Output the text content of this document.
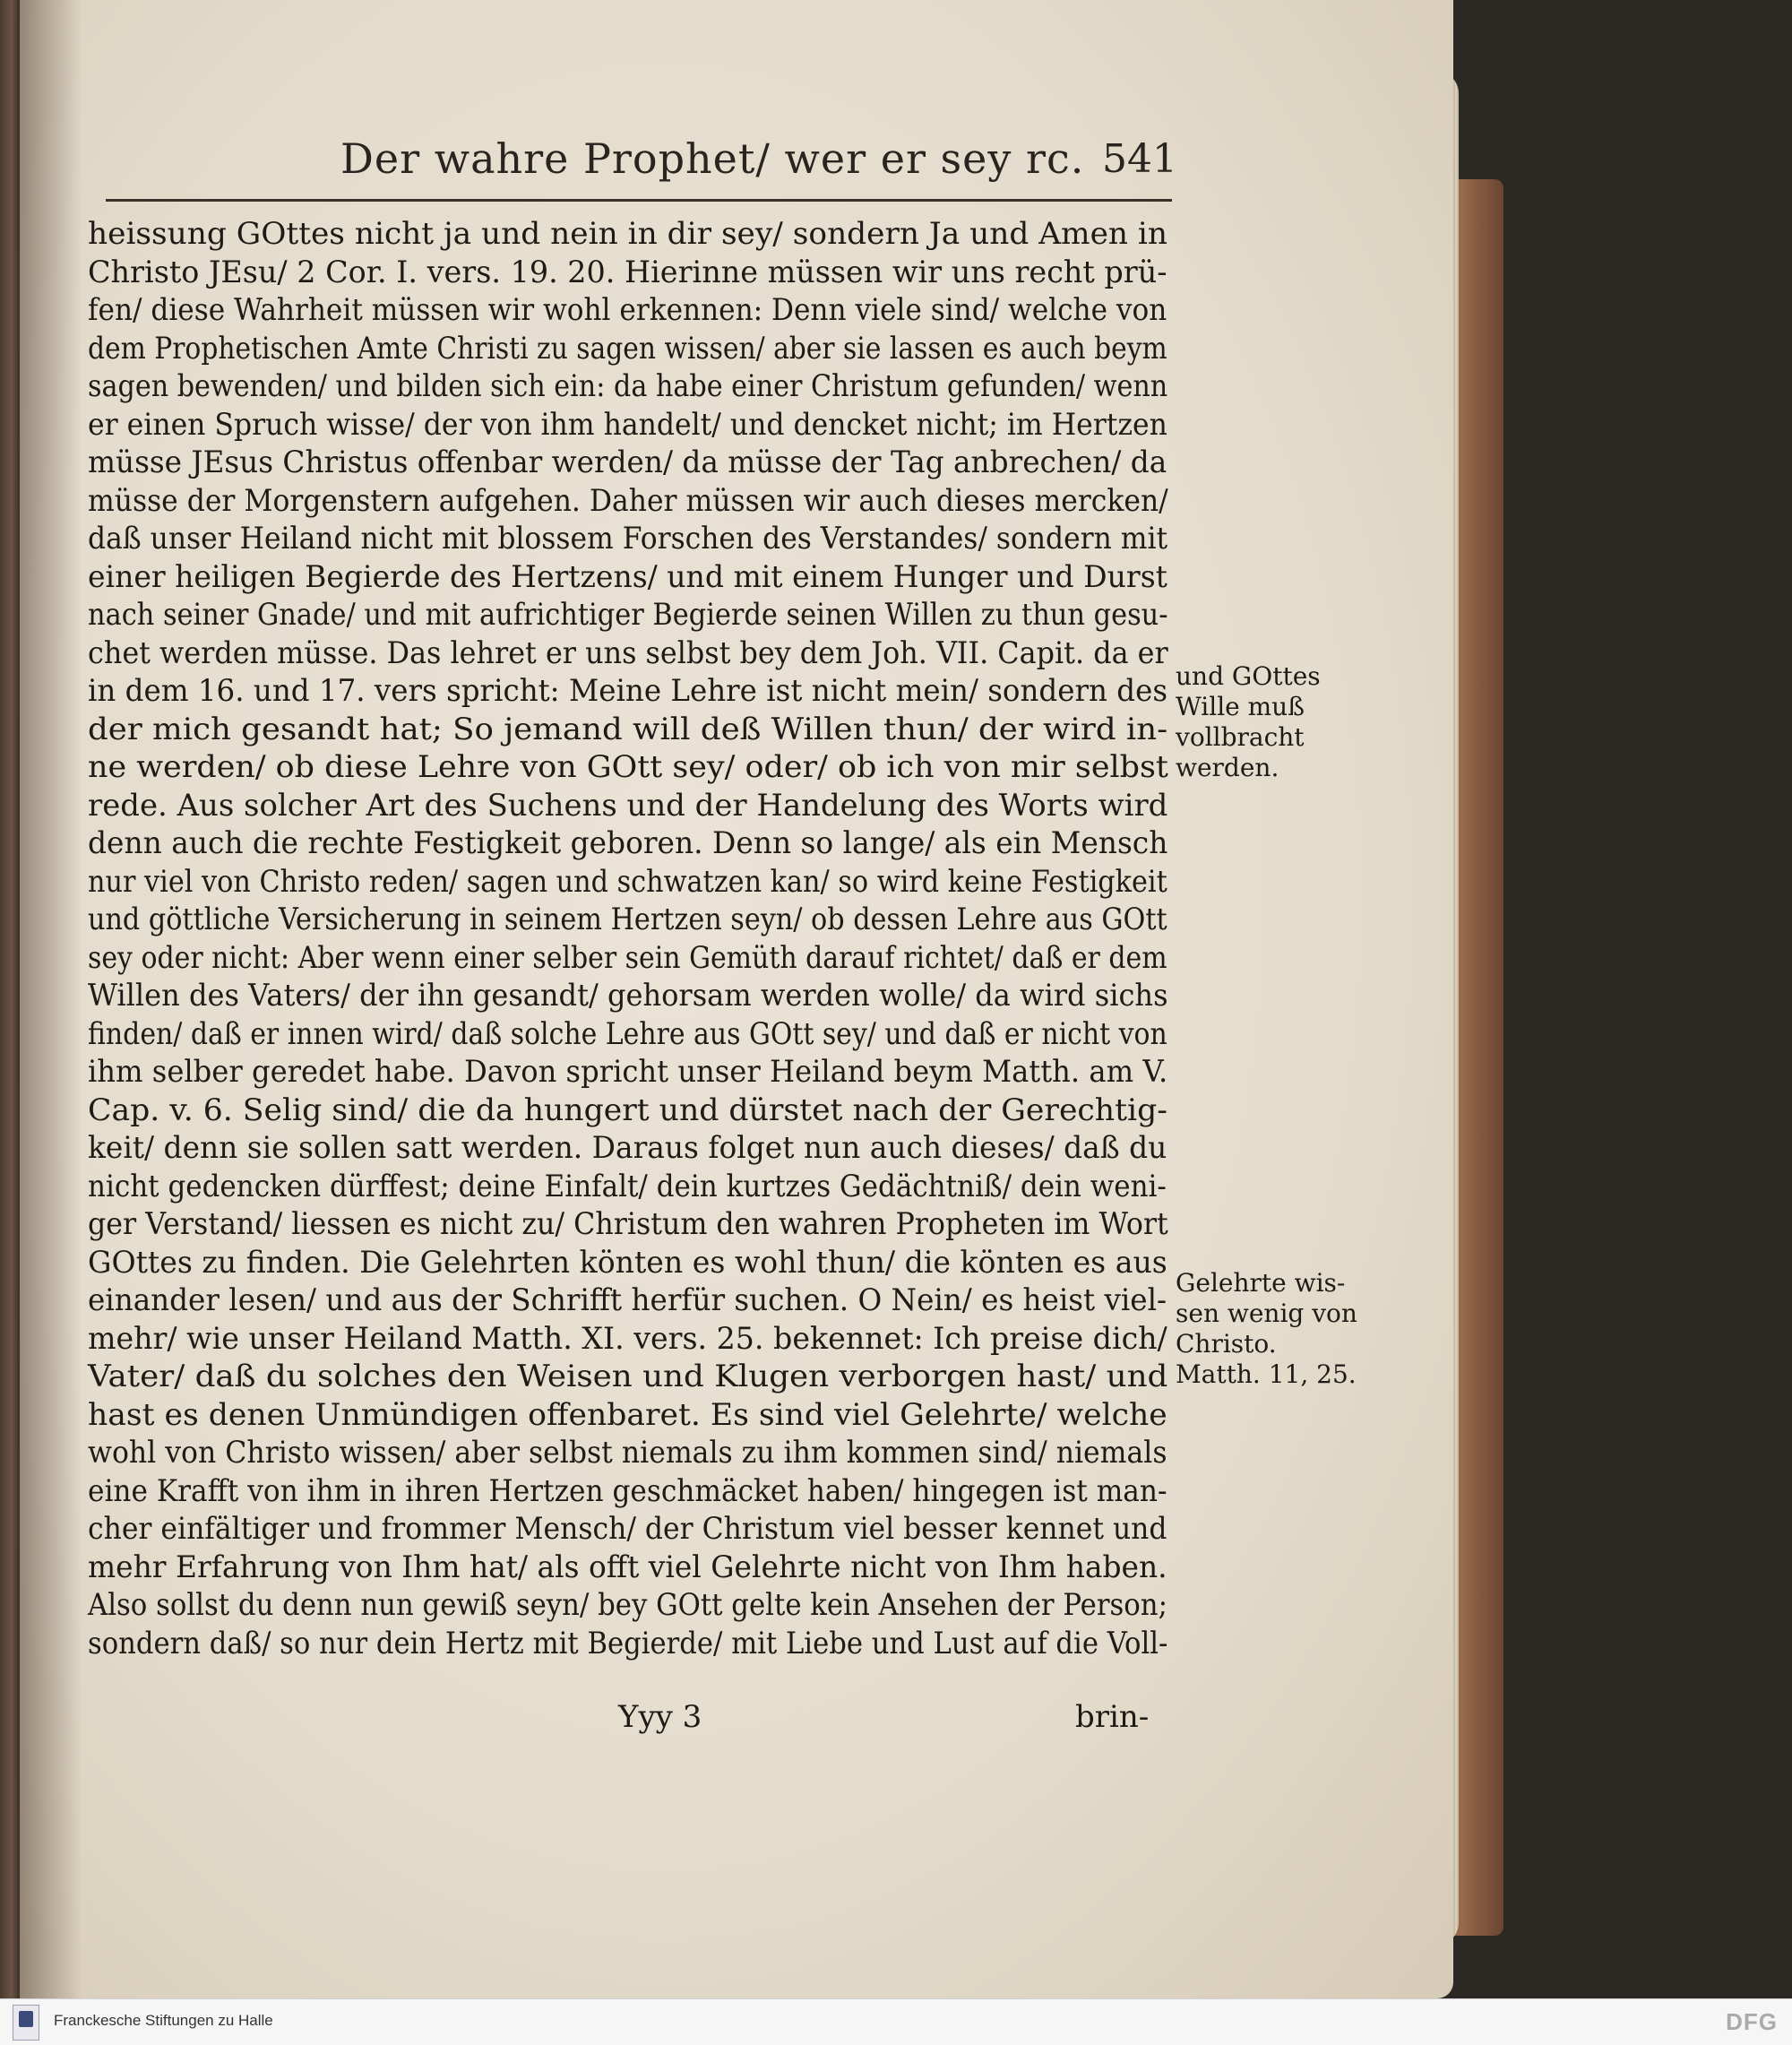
Der wahre Prophet/ wer er sey rc. 541
heissung GOttes nicht ja und nein in dir sey/ sondern Ja und Amen in
Christo JEsu/ 2 Cor. I. vers. 19. 20. Hierinne müssen wir uns recht prü-
fen/ diese Wahrheit müssen wir wohl erkennen: Denn viele sind/ welche von
dem Prophetischen Amte Christi zu sagen wissen/ aber sie lassen es auch beym
sagen bewenden/ und bilden sich ein: da habe einer Christum gefunden/ wenn
er einen Spruch wisse/ der von ihm handelt/ und dencket nicht; im Hertzen
müsse JEsus Christus offenbar werden/ da müsse der Tag anbrechen/ da
müsse der Morgenstern aufgehen. Daher müssen wir auch dieses mercken/
daß unser Heiland nicht mit blossem Forschen des Verstandes/ sondern mit
einer heiligen Begierde des Hertzens/ und mit einem Hunger und Durst
nach seiner Gnade/ und mit aufrichtiger Begierde seinen Willen zu thun gesu-
chet werden müsse. Das lehret er uns selbst bey dem Joh. VII. Capit. da er
in dem 16. und 17. vers spricht: Meine Lehre ist nicht mein/ sondern des
der mich gesandt hat; So jemand will deß Willen thun/ der wird in-
ne werden/ ob diese Lehre von GOtt sey/ oder/ ob ich von mir selbst
rede. Aus solcher Art des Suchens und der Handelung des Worts wird
denn auch die rechte Festigkeit geboren. Denn so lange/ als ein Mensch
nur viel von Christo reden/ sagen und schwatzen kan/ so wird keine Festigkeit
und göttliche Versicherung in seinem Hertzen seyn/ ob dessen Lehre aus GOtt
sey oder nicht: Aber wenn einer selber sein Gemüth darauf richtet/ daß er dem
Willen des Vaters/ der ihn gesandt/ gehorsam werden wolle/ da wird sichs
finden/ daß er innen wird/ daß solche Lehre aus GOtt sey/ und daß er nicht von
ihm selber geredet habe. Davon spricht unser Heiland beym Matth. am V.
Cap. v. 6. Selig sind/ die da hungert und dürstet nach der Gerechtig-
keit/ denn sie sollen satt werden. Daraus folget nun auch dieses/ daß du
nicht gedencken dürffest; deine Einfalt/ dein kurtzes Gedächtniß/ dein weni-
ger Verstand/ liessen es nicht zu/ Christum den wahren Propheten im Wort
GOttes zu finden. Die Gelehrten könten es wohl thun/ die könten es aus
einander lesen/ und aus der Schrifft herfür suchen. O Nein/ es heist viel-
mehr/ wie unser Heiland Matth. XI. vers. 25. bekennet: Ich preise dich/
Vater/ daß du solches den Weisen und Klugen verborgen hast/ und
hast es denen Unmündigen offenbaret. Es sind viel Gelehrte/ welche
wohl von Christo wissen/ aber selbst niemals zu ihm kommen sind/ niemals
eine Krafft von ihm in ihren Hertzen geschmäcket haben/ hingegen ist man-
cher einfältiger und frommer Mensch/ der Christum viel besser kennet und
mehr Erfahrung von Ihm hat/ als offt viel Gelehrte nicht von Ihm haben.
Also sollst du denn nun gewiß seyn/ bey GOtt gelte kein Ansehen der Person;
sondern daß/ so nur dein Hertz mit Begierde/ mit Liebe und Lust auf die Voll-
und GOttes
Wille muß
vollbracht
werden.
Gelehrte wis-
sen wenig von
Christo.
Matth. 11, 25.
Yyy 3	brin-
Franckesche Stiftungen zu Halle	DFG
